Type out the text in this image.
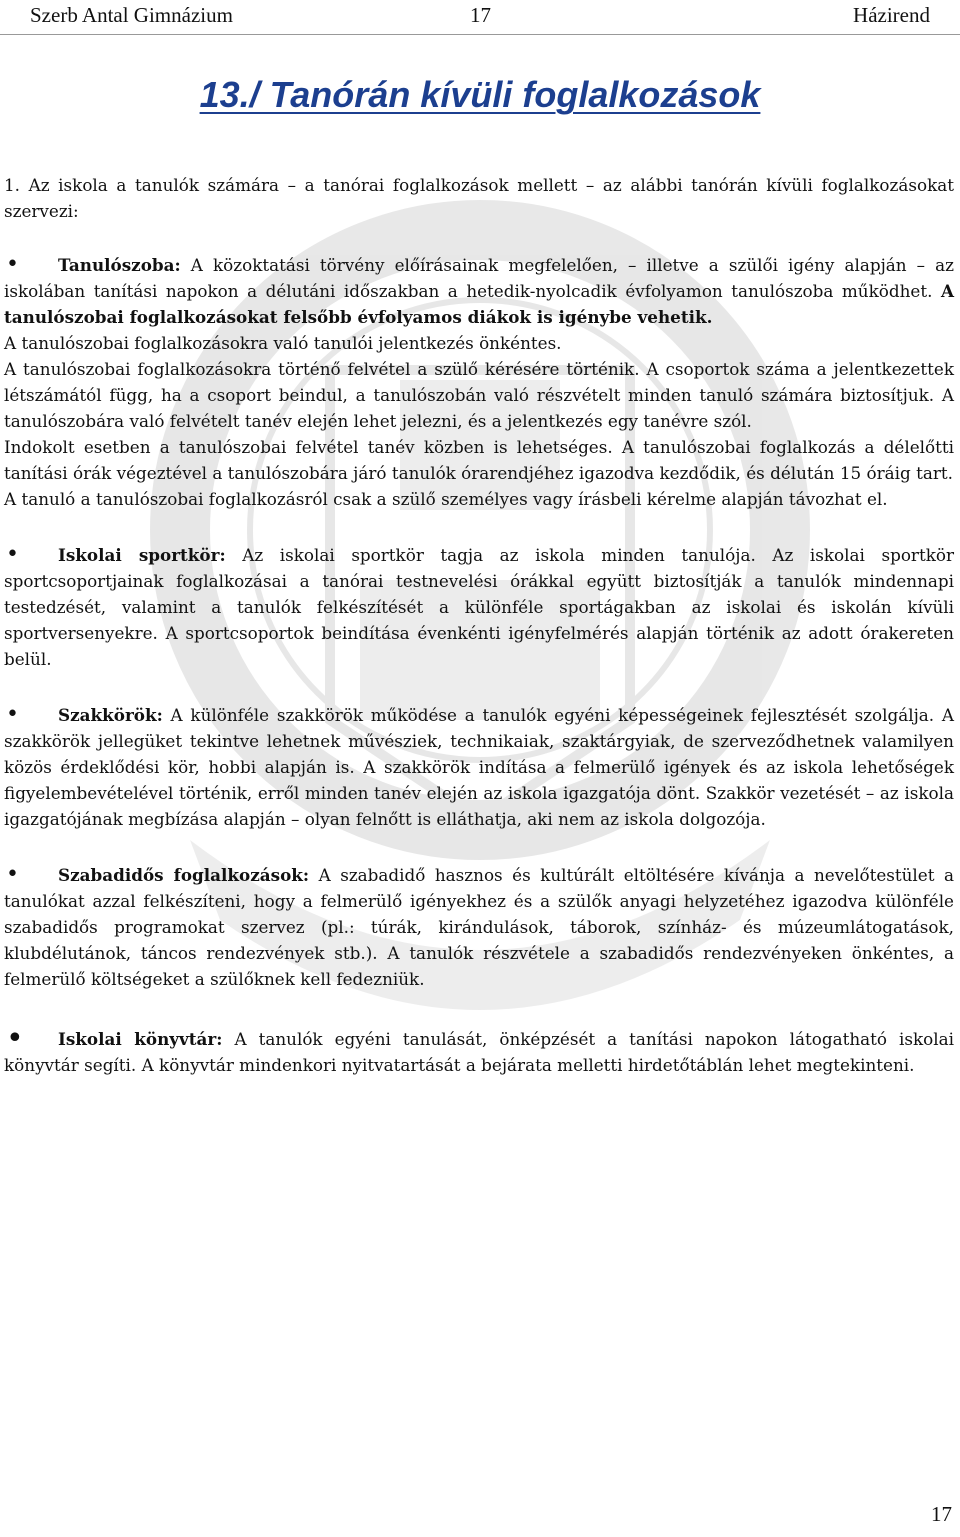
Szerb Antal Gimnázium	17	Házirend
13./ Tanórán kívüli foglalkozások

1. Az iskola a tanulók számára – a tanórai foglalkozások mellett – az alábbi tanórán kívüli foglalkozásokat szervezi:

• Tanulószoba: A közoktatási törvény előírásainak megfelelően, – illetve a szülői igény alapján – az iskolában tanítási napokon a délutáni időszakban a hetedik-nyolcadik évfolyamon tanulószoba működhet. A tanulószobai foglalkozásokat felsőbb évfolyamos diákok is igénybe vehetik.

A tanulószobai foglalkozásokra való tanulói jelentkezés önkéntes.

A tanulószobai foglalkozásokra történő felvétel a szülő kérésére történik. A csoportok száma a jelentkezettek létszámától függ, ha a csoport beindul, a tanulószobán való részvételt minden tanuló számára biztosítjuk. A tanulószobára való felvételt tanév elején lehet jelezni, és a jelentkezés egy tanévre szól.

Indokolt esetben a tanulószobai felvétel tanév közben is lehetséges. A tanulószobai foglalkozás a délelőtti tanítási órák végeztével a tanulószobára járó tanulók órarendjéhez igazodva kezdődik, és délután 15 óráig tart.

A tanuló a tanulószobai foglalkozásról csak a szülő személyes vagy írásbeli kérelme alapján távozhat el.

• Iskolai sportkör: Az iskolai sportkör tagja az iskola minden tanulója. Az iskolai sportkör sportcsoportjainak foglalkozásai a tanórai testnevelési órákkal együtt biztosítják a tanulók mindennapi testedzését, valamint a tanulók felkészítését a különféle sportágakban az iskolai és iskolán kívüli sportversenyekre. A sportcsoportok beindítása évenkénti igényfelmérés alapján történik az adott órakereten belül.

• Szakkörök: A különféle szakkörök működése a tanulók egyéni képességeinek fejlesztését szolgálja. A szakkörök jellegüket tekintve lehetnek művésziek, technikaiak, szaktárgyiak, de szerveződhetnek valamilyen közös érdeklődési kör, hobbi alapján is. A szakkörök indítása a felmerülő igények és az iskola lehetőségek figyelembevételével történik, erről minden tanév elején az iskola igazgatója dönt. Szakkör vezetését – az iskola igazgatójának megbízása alapján – olyan felnőtt is elláthatja, aki nem az iskola dolgozója.

• Szabadidős foglalkozások: A szabadidő hasznos és kultúrált eltöltésére kívánja a nevelőtestület a tanulókat azzal felkészíteni, hogy a felmerülő igényekhez és a szülők anyagi helyzetéhez igazodva különféle szabadidős programokat szervez (pl.: túrák, kirándulások, táborok, színház- és múzeumlátogatások, klubdélutánok, táncos rendezvények stb.). A tanulók részvétele a szabadidős rendezvényeken önkéntes, a felmerülő költségeket a szülőknek kell fedezniük.

• Iskolai könyvtár: A tanulók egyéni tanulását, önképzését a tanítási napokon látogatható iskolai könyvtár segíti. A könyvtár mindenkori nyitvatartását a bejárata melletti hirdetőtáblán lehet megtekinteni.

17
